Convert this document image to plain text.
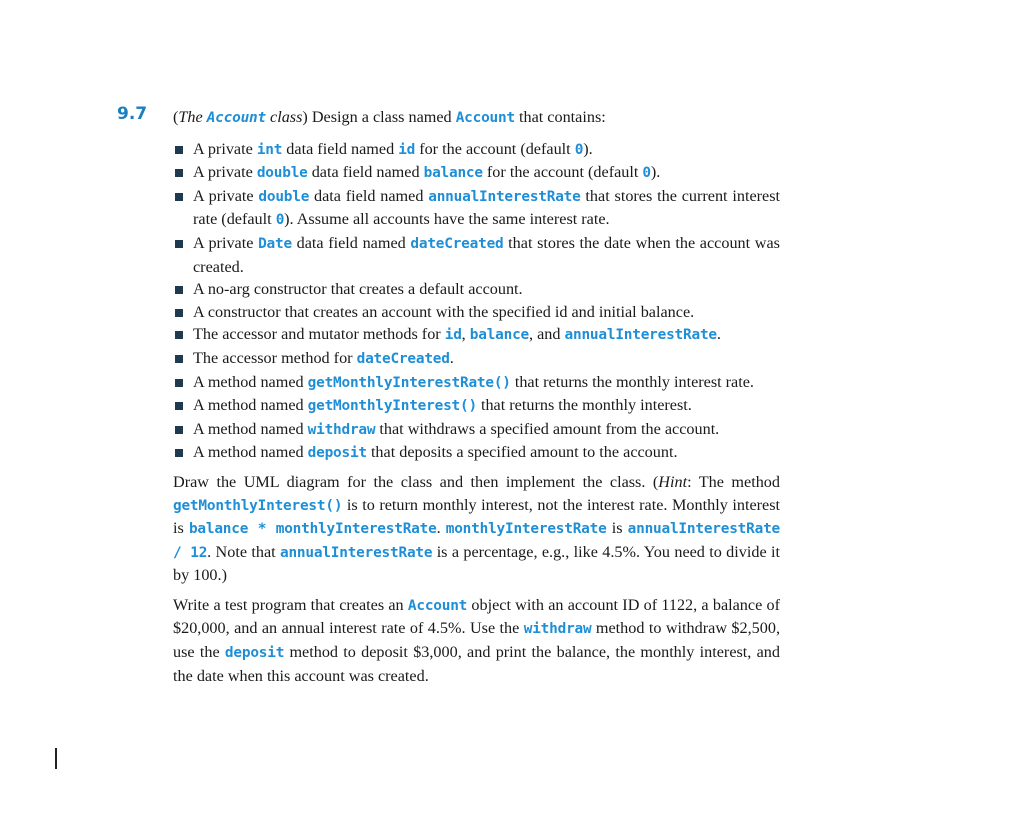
9.7 (The Account class) Design a class named Account that contains:

A private int data field named id for the account (default 0).
A private double data field named balance for the account (default 0).
A private double data field named annualInterestRate that stores the current interest rate (default 0). Assume all accounts have the same interest rate.
A private Date data field named dateCreated that stores the date when the account was created.
A no-arg constructor that creates a default account.
A constructor that creates an account with the specified id and initial balance.
The accessor and mutator methods for id, balance, and annualInterestRate.
The accessor method for dateCreated.
A method named getMonthlyInterestRate() that returns the monthly interest rate.
A method named getMonthlyInterest() that returns the monthly interest.
A method named withdraw that withdraws a specified amount from the account.
A method named deposit that deposits a specified amount to the account.

Draw the UML diagram for the class and then implement the class. (Hint: The method getMonthlyInterest() is to return monthly interest, not the interest rate. Monthly interest is balance * monthlyInterestRate. monthlyInterestRate is annualInterestRate / 12. Note that annualInterestRate is a percentage, e.g., like 4.5%. You need to divide it by 100.)

Write a test program that creates an Account object with an account ID of 1122, a balance of $20,000, and an annual interest rate of 4.5%. Use the withdraw method to withdraw $2,500, use the deposit method to deposit $3,000, and print the balance, the monthly interest, and the date when this account was created.
